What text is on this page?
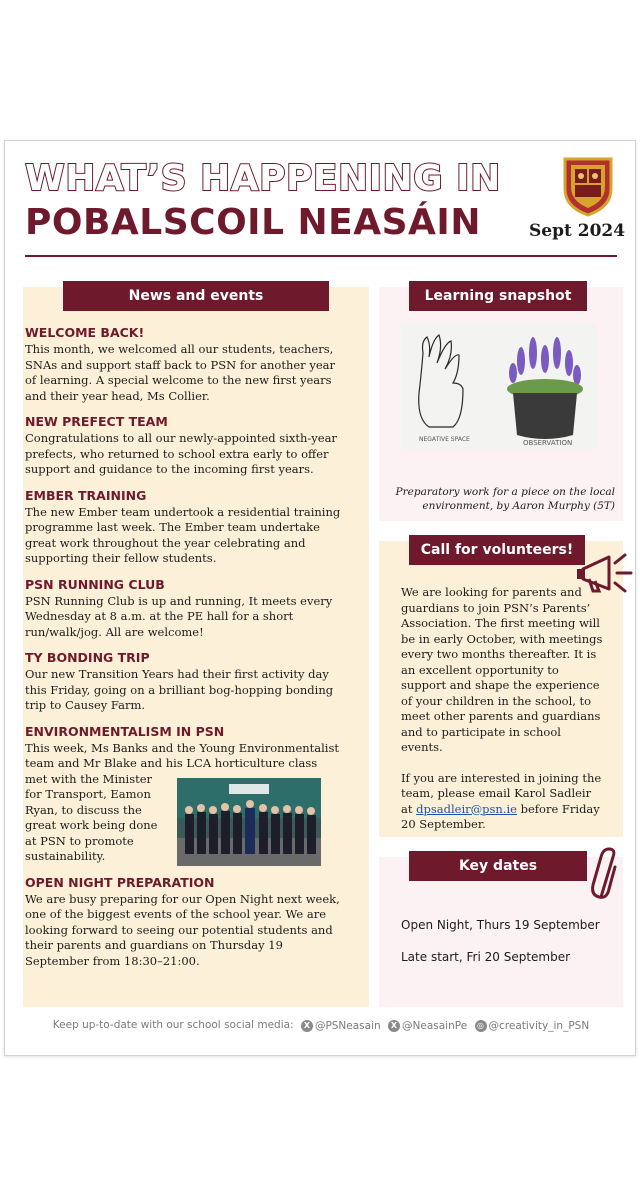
WHAT’S HAPPENING IN
POBALSCOIL NEASÁIN	Sept 2024
News and events
WELCOME BACK!
This month, we welcomed all our students, teachers, SNAs and support staff back to PSN for another year of learning. A special welcome to the new first years and their year head, Ms Collier.
NEW PREFECT TEAM
Congratulations to all our newly-appointed sixth-year prefects, who returned to school extra early to offer support and guidance to the incoming first years.
EMBER TRAINING
The new Ember team undertook a residential training programme last week. The Ember team undertake great work throughout the year celebrating and supporting their fellow students.
PSN RUNNING CLUB
PSN Running Club is up and running, It meets every Wednesday at 8 a.m. at the PE hall for a short run/walk/jog. All are welcome!
TY BONDING TRIP
Our new Transition Years had their first activity day this Friday, going on a brilliant bog-hopping bonding trip to Causey Farm.
ENVIRONMENTALISM IN PSN
This week, Ms Banks and the Young Environmentalist team and Mr Blake and his LCA horticulture class
met with the Minister for Transport, Eamon Ryan, to discuss the great work being done at PSN to promote sustainability.
OPEN NIGHT PREPARATION
We are busy preparing for our Open Night next week, one of the biggest events of the school year. We are looking forward to seeing our potential students and their parents and guardians on Thursday 19 September from 18:30–21:00.
Learning snapshot
NEGATIVE SPACE	OBSERVATION
Preparatory work for a piece on the local environment, by Aaron Murphy (5T)
Call for volunteers!

We are looking for parents and guardians to join PSN’s Parents’ Association. The first meeting will be in early October, with meetings every two months thereafter. It is an excellent opportunity to support and shape the experience of your children in the school, to meet other parents and guardians and to participate in school events.

If you are interested in joining the team, please email Karol Sadleir at dpsadleir@psn.ie before Friday 20 September.

Key dates
Open Night, Thurs 19 September
Late start, Fri 20 September
Keep up-to-date with our school social media:	X @PSNeasain
	X @NeasainPe
	◎ @creativity_in_PSN
